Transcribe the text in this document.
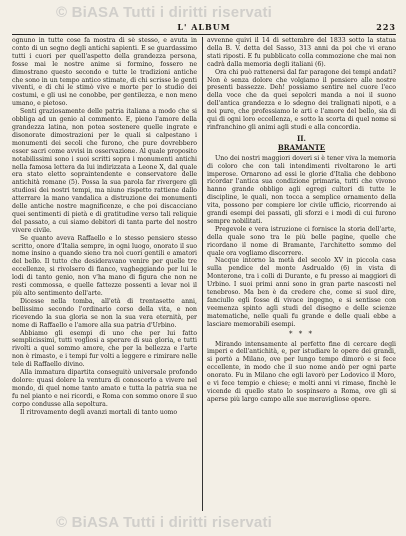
© BiASA Tutti i diritti riservati
L' ALBUM	223

ognuno in tutte cose fa mostra di sè stesso, e avuta in conto di un segno degli antichi sapienti. E se guardassimo tutti i cuori per quell'aspetto della grandezza persona, fosse mai le nostre anime si formino, fossero ne dimostrano questo secondo e tutte le tradizioni antiche che sono in un tempo antico stimate, di chi scrisse le genti viventi, e di chi le stimò vive e morte per lo studio dei costumi, e gli usi ne conobbe, per gentilezza, e non meno umano, e pietoso.

Senti graziosamente delle patria italiana a modo che si obbliga ad un genio al commento. E, pieno l'amore della grandezza latina, non potea sostenere quelle ingrate e disonorate dimostrazioni per le quali si calpestano i monumenti dei secoli che furono, che pure dovrebbero esser sacri come avvisi in osservazione. Al quale proposito notabilissimi sono i suoi scritti sopra i monumenti antichi nella famosa lettera da lui indirizzata a Leone X, dal quale era stato eletto sopraintendente e conservatore delle antichità romane (5). Possa la sua parola far rivergere gli studiosi dei nostri tempi, ma niuno rispetto rattiene dallo atterrare la mano vandalica a distruzione dei monumenti delle antiche nostre magnificenze, e che poi discacciano quei sentimenti di pietà e di gratitudine verso tali reliquie del passato, a cui siamo debitori di tanta parte del nostro vivere civile.

Se quanto aveva Raffaello e lo stesso pensiero stesso scritto, onore d'Italia sempre, in ogni luogo, onorato il suo nome insino a quando sieno tra noi cuori gentili e amatori del bello. Il tutto che desideravano venire per quelle tre eccellenze, si rivolsero di fianco, vagheggiando per lui le lodi di tanto genio, non v'ha mano di figura che non ne resti commossa, e quelle fattezze possenti a levar noi il più alto sentimento dell'arte.

Dicesse nella tomba, all'età di trentasette anni, bellissimo secondo l'ordinario corso della vita, e non ricevendo la sua gloria se non la sua vera eternità, per nome di Raffaello e l'amore alla sua patria d'Urbino.

Abbiamo gli esempi di uno che per lui fatto semplicissimi, tutti vogliosi a sperare di sua gloria, e tutti rivolti a quel sommo amore, che per la bellezza e l'arte non è rimasto, e i tempi fur volti a leggere e rimirare nelle tele di Raffaello divino.

Alla immatura dipartita conseguitò universale profondo dolore: quasi dolere la ventura di conoscerlo a vivere nel mondo, di quel nome tanto amato e tutta la patria sua ne fu nel pianto e nei ricordi, e Roma con sommo onore il suo corpo condusse alla sepoltura.

Il ritrovamento degli avanzi mortali di tanto uomo

avvenne quivi il 14 di settembre del 1833 sotto la statua della B. V. detta del Sasso, 313 anni da poi che vi erano stati riposti. E fu pubblicato colla commozione che mai non cadrà dalla memoria degli italiani (6).

Ora chi può rattenersi dal far paragone dei tempi andati? Non è senza dolore che volgiamo il pensiero alle nostre presenti bassezze. Deh! possiamo sentire nel cuore l'eco della voce che da quei sepolcri manda a noi il suono dell'antica grandezza e lo sdegno dei tralignati nipoti, e a noi pure, che professiamo le arti e l'amore del bello, sia di qui di ogni loro eccellenza, e sotto la scorta di quel nome si rinfranchino gli animi agli studi e alla concordia.

II.
BRAMANTE

Uno dei nostri maggiori doveri si è tener viva la memoria di coloro che con tali intendimenti rivoltarono le arti imperose. Ornarono ad essi le glorie d'Italia che debbono ricordar l'antica sua condizione primaria, tutti che vivono hanno grande obbligo agli egregi cultori di tutte le discipline, le quali, non tocca a semplice ornamento della vita, possono per compiere lor civile ufficio, ricorrendo ai grandi esempi dei passati, gli sforzi e i modi di cui furono sempre nobilitati.

Pregevole e vera istruzione ci fornisce la storia dell'arte, della quale sono tra le più belle pagine, quelle che ricordano il nome di Bramante, l'architetto sommo del quale ora vogliamo discorrere.

Nacque intorno la metà del secolo XV in piccola casa sulla pendice del monte Asdrualdo (6) in vista di Monterone, tra i colli di Durante, e fu presso ai maggiori di Urbino. I suoi primi anni sono in gran parte nascosti nel tenebroso. Ma ben è da credere che, come si suol dire, fanciullo egli fosse di vivace ingegno, e si sentisse con veemenza spinto agli studi del disegno e delle scienze matematiche, nelle quali fu grande e delle quali ebbe a lasciare memorabili esempi.

* * *

Mirando intensamente al perfetto fine di cercare degli imperi e dell'antichità, e, per istudiare le opere dei grandi, si portò a Milano, ove per lungo tempo dimorò e si fece eccellente, in modo che il suo nome andò per ogni parte onorato. Fu in Milano che egli lavorò per Lodovico il Moro, e vi fece tempio e chiese; e molti anni vi rimase, finchè le vicende di quello stato lo sospinsero a Roma, ove gli si aperse più largo campo alle sue meravigliose opere.

© BiASA Tutti i diritti riservati
